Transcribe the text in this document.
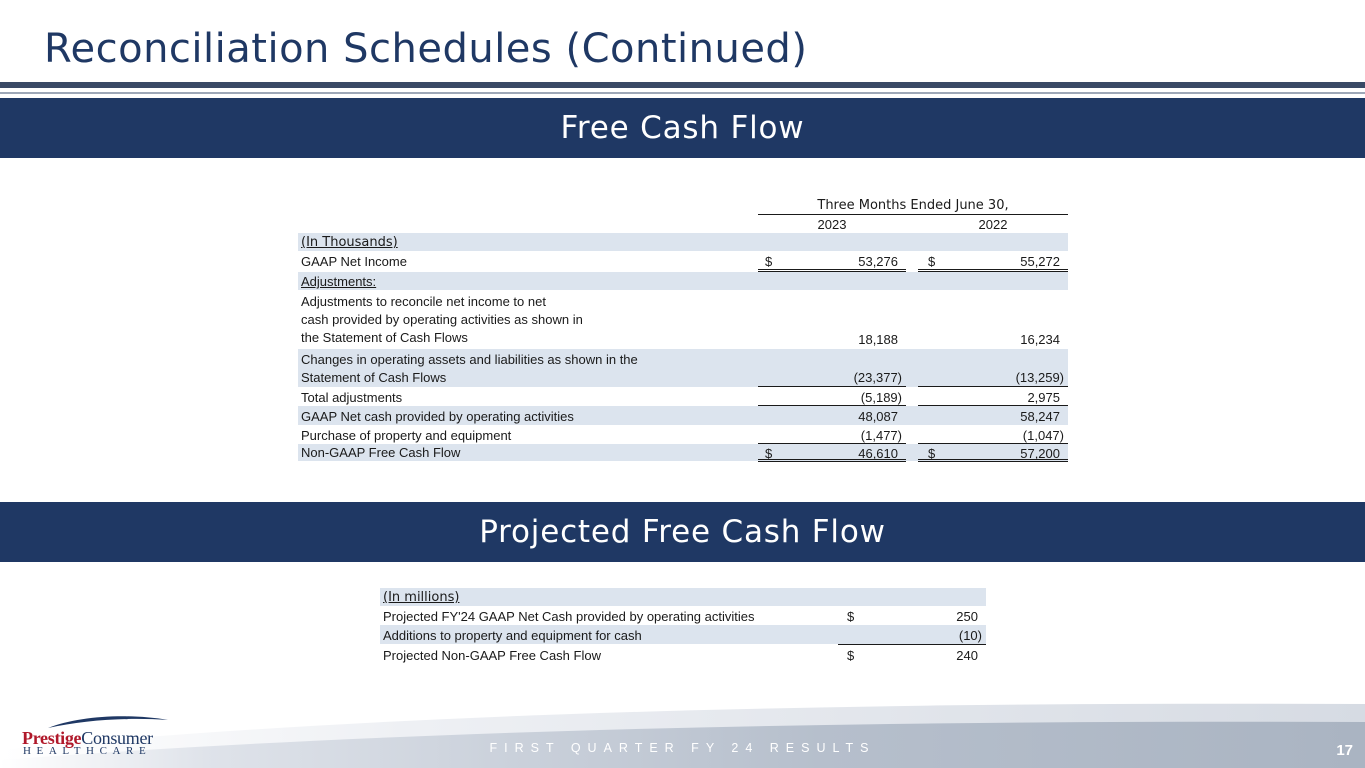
Reconciliation Schedules (Continued)
Free Cash Flow
Three Months Ended June 30,
2023	2022
(In Thousands)
GAAP Net Income	$	53,276 $	55,272
Adjustments:
Adjustments to reconcile net income to net
cash provided by operating activities as shown in
the Statement of Cash Flows	18,188	16,234
Changes in operating assets and liabilities as shown in the
Statement of Cash Flows	(23,377)	(13,259)
Total adjustments	(5,189)	2,975
GAAP Net cash provided by operating activities	48,087	58,247
Purchase of property and equipment	(1,477)	(1,047)
Non-GAAP Free Cash Flow	$	46,610 $	57,200
Projected Free Cash Flow
(In millions)
Projected FY'24 GAAP Net Cash provided by operating activities	$	250
Additions to property and equipment for cash	(10)
Projected Non-GAAP Free Cash Flow	$	240
FIRST QUARTER FY 24 RESULTS	17
PrestigeConsumer
HEALTHCARE
